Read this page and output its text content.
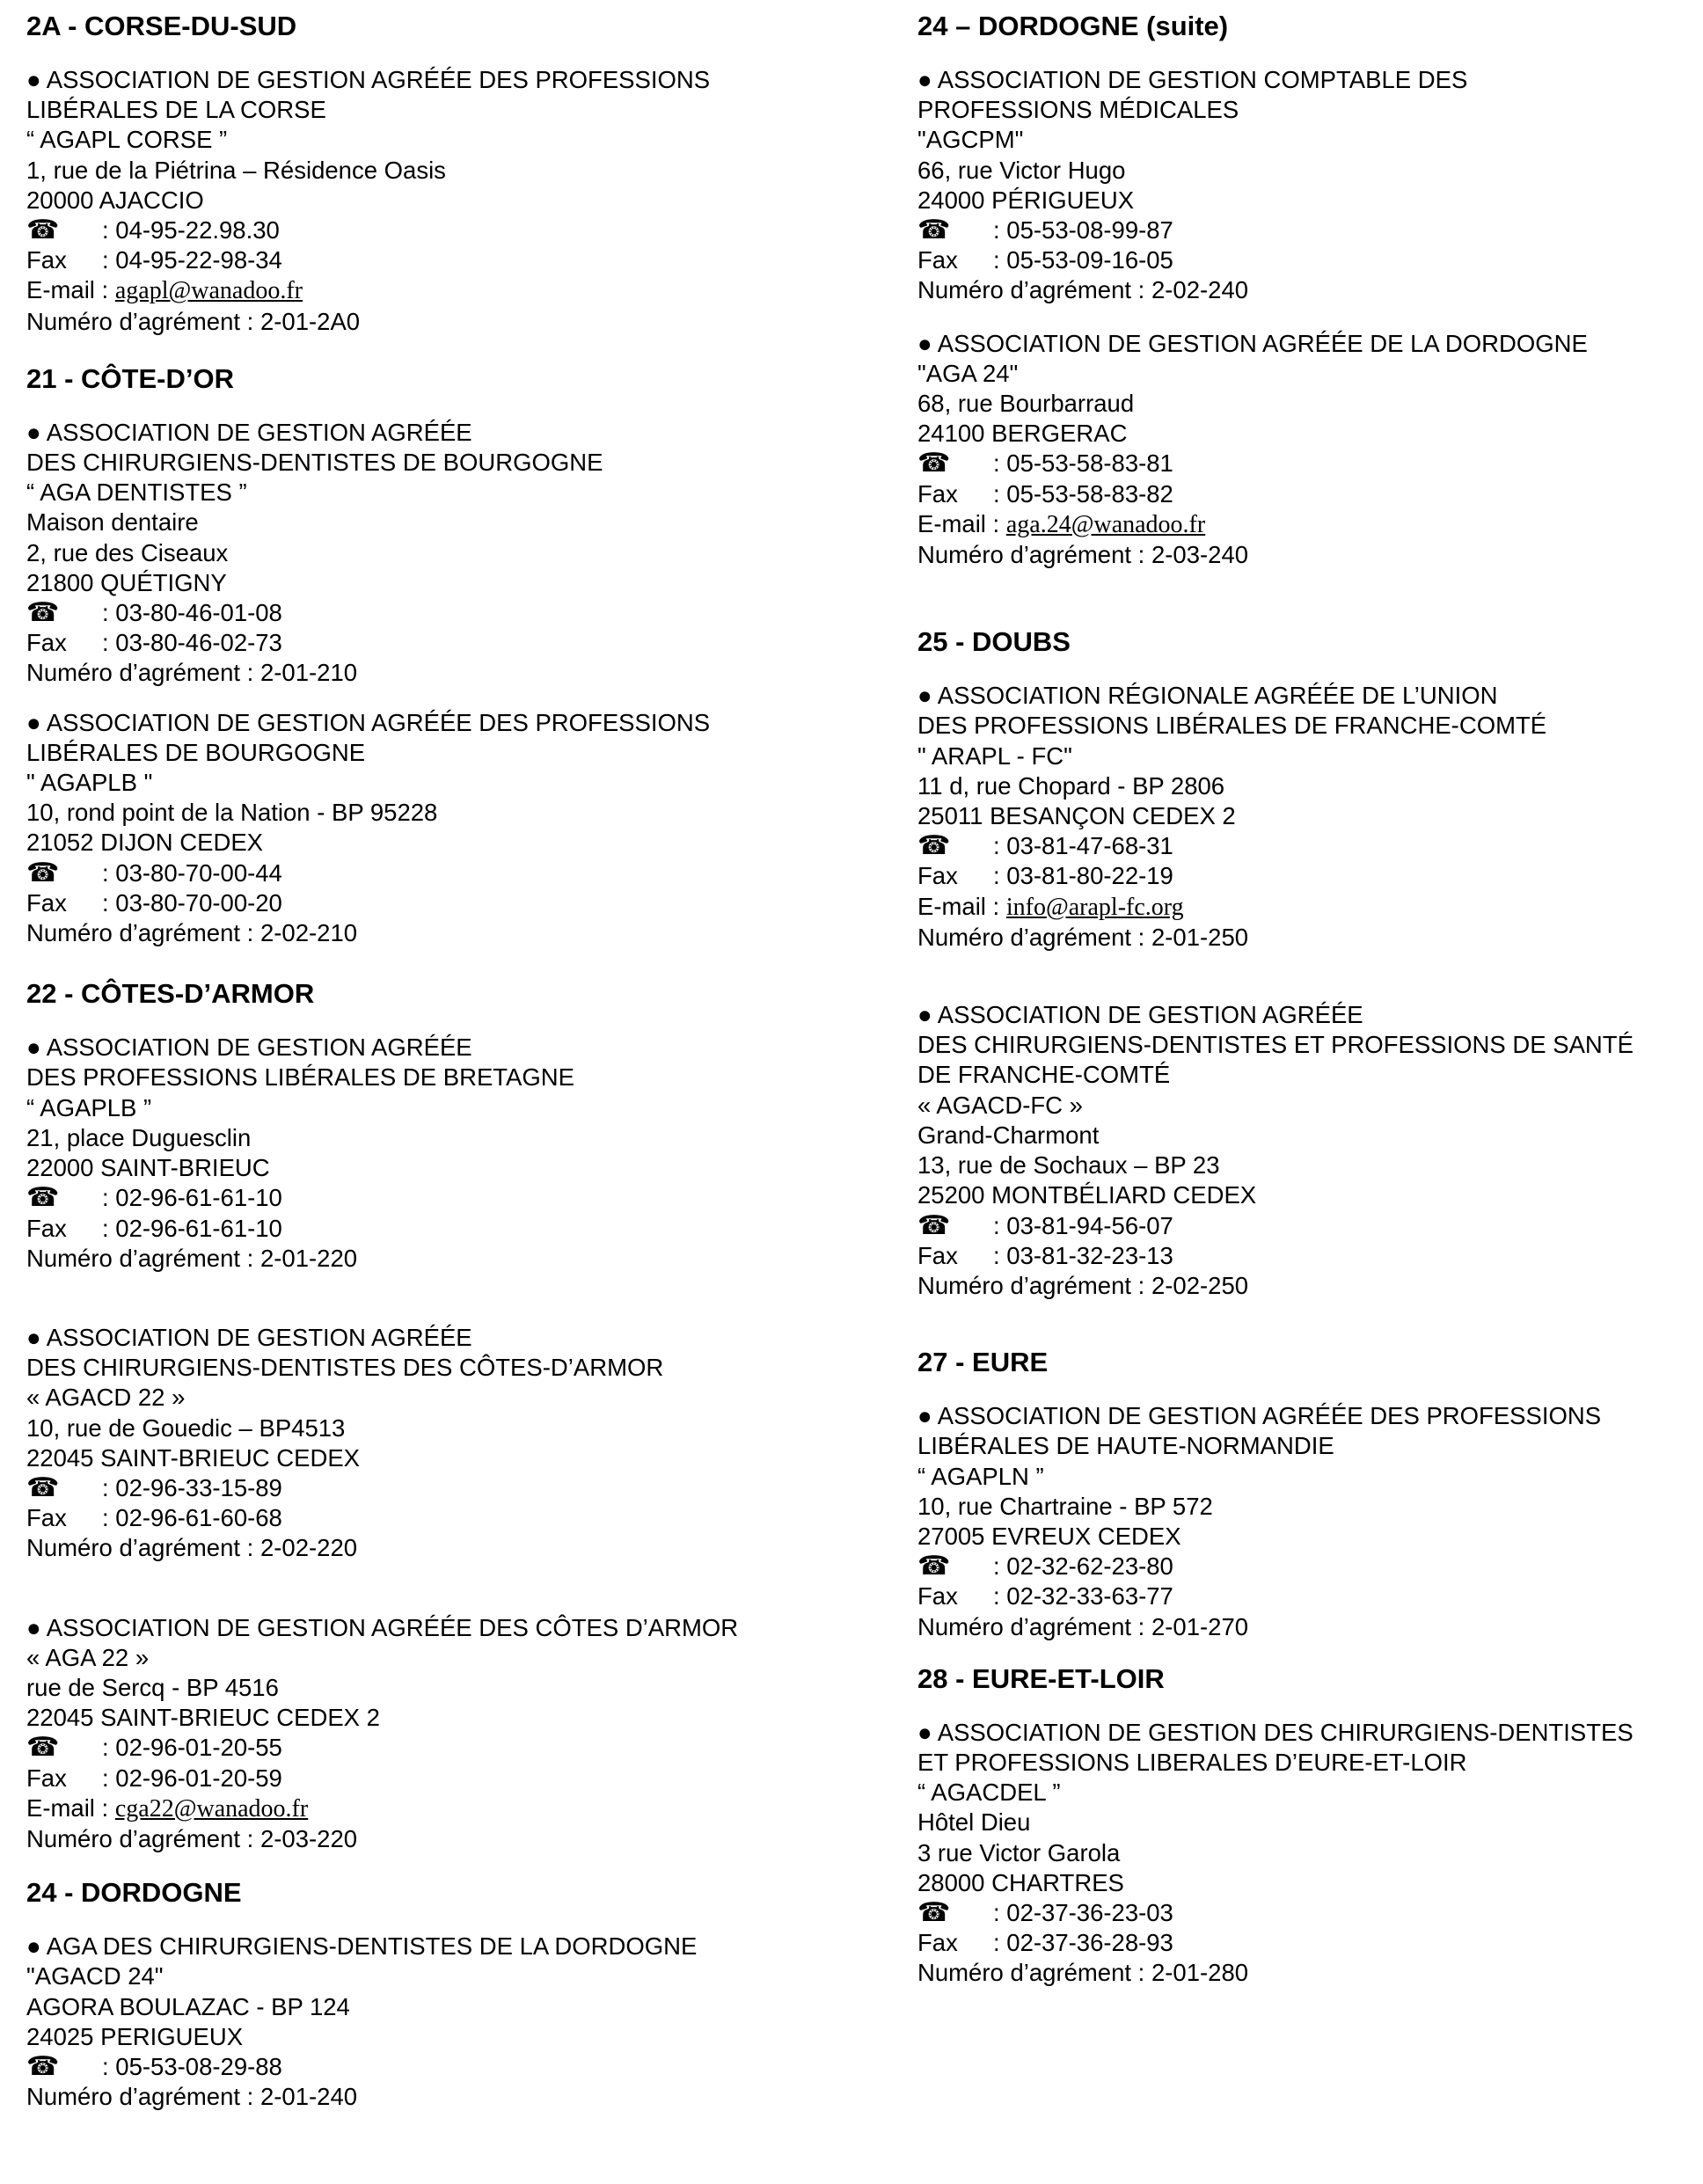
2A - CORSE-DU-SUD
● ASSOCIATION DE GESTION AGRÉÉE DES PROFESSIONS
LIBÉRALES DE LA CORSE
“ AGAPL CORSE ”
1, rue de la Piétrina – Résidence Oasis
20000 AJACCIO
☎ : 04-95-22.98.30
Fax : 04-95-22-98-34
E-mail : agapl@wanadoo.fr
Numéro d’agrément : 2-01-2A0
21 - CÔTE-D’OR
● ASSOCIATION DE GESTION AGRÉÉE
DES CHIRURGIENS-DENTISTES DE BOURGOGNE
“ AGA DENTISTES ”
Maison dentaire
2, rue des Ciseaux
21800 QUÉTIGNY
☎ : 03-80-46-01-08
Fax : 03-80-46-02-73
Numéro d’agrément : 2-01-210
● ASSOCIATION DE GESTION AGRÉÉE DES PROFESSIONS
LIBÉRALES DE BOURGOGNE
" AGAPLB "
10, rond point de la Nation - BP 95228
21052 DIJON CEDEX
☎ : 03-80-70-00-44
Fax : 03-80-70-00-20
Numéro d’agrément : 2-02-210
22 - CÔTES-D’ARMOR
● ASSOCIATION DE GESTION AGRÉÉE
DES PROFESSIONS LIBÉRALES DE BRETAGNE
“ AGAPLB ”
21, place Duguesclin
22000 SAINT-BRIEUC
☎ : 02-96-61-61-10
Fax : 02-96-61-61-10
Numéro d’agrément : 2-01-220
● ASSOCIATION DE GESTION AGRÉÉE
DES CHIRURGIENS-DENTISTES DES CÔTES-D’ARMOR
« AGACD 22 »
10, rue de Gouedic – BP4513
22045 SAINT-BRIEUC CEDEX
☎ : 02-96-33-15-89
Fax : 02-96-61-60-68
Numéro d’agrément : 2-02-220
● ASSOCIATION DE GESTION AGRÉÉE DES CÔTES D’ARMOR
« AGA 22 »
rue de Sercq - BP 4516
22045 SAINT-BRIEUC CEDEX 2
☎ : 02-96-01-20-55
Fax : 02-96-01-20-59
E-mail : cga22@wanadoo.fr
Numéro d’agrément : 2-03-220
24 - DORDOGNE
● AGA DES CHIRURGIENS-DENTISTES DE LA DORDOGNE
"AGACD 24"
AGORA BOULAZAC - BP 124
24025 PERIGUEUX
☎ : 05-53-08-29-88
Numéro d’agrément : 2-01-240
24 – DORDOGNE (suite)
● ASSOCIATION DE GESTION COMPTABLE DES
PROFESSIONS MÉDICALES
"AGCPM"
66, rue Victor Hugo
24000 PÉRIGUEUX
☎ : 05-53-08-99-87
Fax : 05-53-09-16-05
Numéro d’agrément : 2-02-240
● ASSOCIATION DE GESTION AGRÉÉE DE LA DORDOGNE
"AGA 24"
68, rue Bourbarraud
24100 BERGERAC
☎ : 05-53-58-83-81
Fax : 05-53-58-83-82
E-mail : aga.24@wanadoo.fr
Numéro d’agrément : 2-03-240
25 - DOUBS
● ASSOCIATION RÉGIONALE AGRÉÉE DE L’UNION
DES PROFESSIONS LIBÉRALES DE FRANCHE-COMTÉ
" ARAPL - FC"
11 d, rue Chopard - BP 2806
25011 BESANÇON CEDEX 2
☎ : 03-81-47-68-31
Fax : 03-81-80-22-19
E-mail : info@arapl-fc.org
Numéro d’agrément : 2-01-250
● ASSOCIATION DE GESTION AGRÉÉE
DES CHIRURGIENS-DENTISTES ET PROFESSIONS DE SANTÉ
DE FRANCHE-COMTÉ
« AGACD-FC »
Grand-Charmont
13, rue de Sochaux – BP 23
25200 MONTBÉLIARD CEDEX
☎ : 03-81-94-56-07
Fax : 03-81-32-23-13
Numéro d’agrément : 2-02-250
27 - EURE
● ASSOCIATION DE GESTION AGRÉÉE DES PROFESSIONS
LIBÉRALES DE HAUTE-NORMANDIE
“ AGAPLN ”
10, rue Chartraine - BP 572
27005 EVREUX CEDEX
☎ : 02-32-62-23-80
Fax : 02-32-33-63-77
Numéro d’agrément : 2-01-270
28 - EURE-ET-LOIR
● ASSOCIATION DE GESTION DES CHIRURGIENS-DENTISTES
ET PROFESSIONS LIBERALES D’EURE-ET-LOIR
“ AGACDEL ”
Hôtel Dieu
3 rue Victor Garola
28000 CHARTRES
☎ : 02-37-36-23-03
Fax : 02-37-36-28-93
Numéro d’agrément : 2-01-280
